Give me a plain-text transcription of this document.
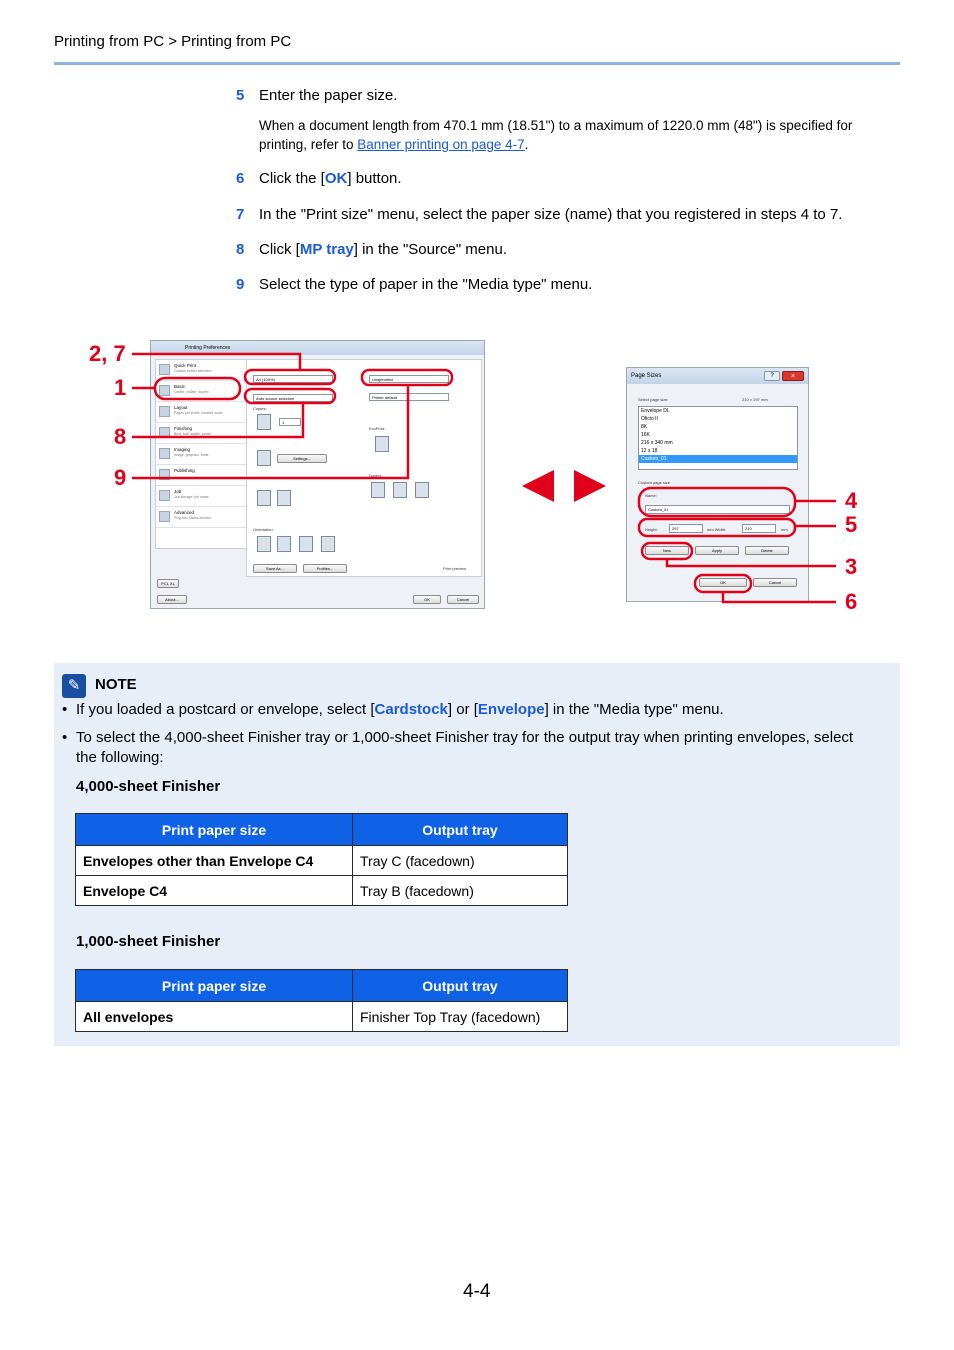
Printing from PC > Printing from PC
5 Enter the paper size.
When a document length from 470.1 mm (18.51") to a maximum of 1220.0 mm (48") is specified for printing, refer to Banner printing on page 4-7.
6 Click the [OK] button.
7 In the "Print size" menu, select the paper size (name) that you registered in steps 4 to 7.
8 Click [MP tray] in the "Source" menu.
9 Select the type of paper in the "Media type" menu.
Printing Preferences
Quick Print
Custom button selection
Basic
Center, collate, duplex
Layout
Pages per sheet, booklet, scale
Finishing
Bind, fold, staple, punch
Imaging
Image, graphics, fonts
Publishing
Job
Job storage, job name
Advanced
Plug-ins, Status Monitor
A4 (100%)
Auto source selection
Unspecified
Printer default
Copies:
1
Settings...
EcoPrint:
Duplex:
Orientation:
Save As...	Profiles...	Print preview
PCL XL
About...	OK	Cancel
Page Sizes	×
?
Select page size:	210 × 297 mm
Envelope DL
Oficio II
8K
16K
216 x 340 mm
12 x 18
Custom_01
Custom page size
Name:
Custom_01
Height:	297	mm Width:	210	mm
New	Apply	Delete
OK	Cancel
2, 7
1
8
9
4
5
3
6
✎ NOTE
• If you loaded a postcard or envelope, select [Cardstock] or [Envelope] in the "Media type" menu.
• To select the 4,000-sheet Finisher tray or 1,000-sheet Finisher tray for the output tray when printing envelopes, select the following:
4,000-sheet Finisher
Print paper size	Output tray
Envelopes other than Envelope C4	Tray C (facedown)
Envelope C4	Tray B (facedown)
1,000-sheet Finisher
Print paper size	Output tray
All envelopes	Finisher Top Tray (facedown)
4-4
